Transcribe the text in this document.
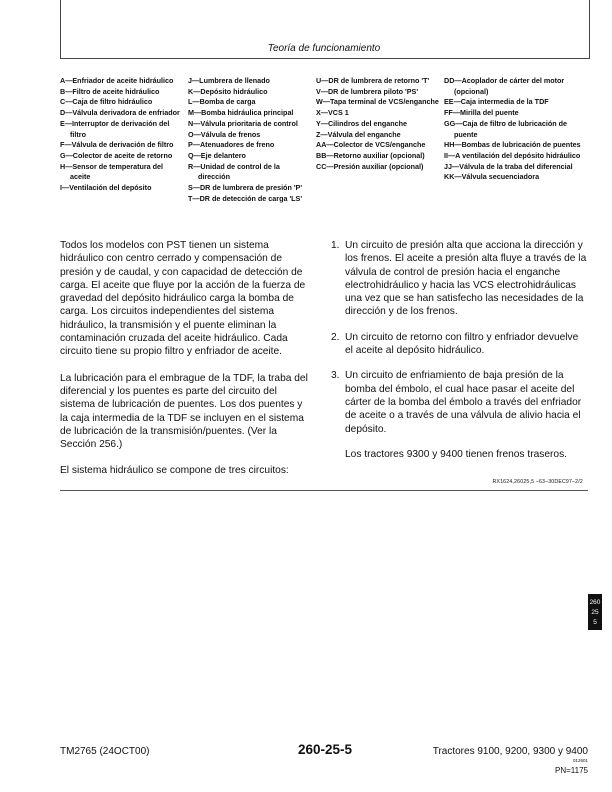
Teoría de funcionamiento
A—Enfriador de aceite hidráulico
B—Filtro de aceite hidráulico
C—Caja de filtro hidráulico
D—Válvula derivadora de enfriador
E—Interruptor de derivación del filtro
F—Válvula de derivación de filtro
G—Colector de aceite de retorno
H—Sensor de temperatura del aceite
I—Ventilación del depósito
J—Lumbrera de llenado
K—Depósito hidráulico
L—Bomba de carga
M—Bomba hidráulica principal
N—Válvula prioritaria de control
O—Válvula de frenos
P—Atenuadores de freno
Q—Eje delantero
R—Unidad de control de la dirección
S—DR de lumbrera de presión 'P'
T—DR de detección de carga 'LS'
U—DR de lumbrera de retorno 'T'
V—DR de lumbrera piloto 'PS'
W—Tapa terminal de VCS/enganche
X—VCS 1
Y—Cilindros del enganche
Z—Válvula del enganche
AA—Colector de VCS/enganche
BB—Retorno auxiliar (opcional)
CC—Presión auxiliar (opcional)
DD—Acoplador de cárter del motor (opcional)
EE—Caja intermedia de la TDF
FF—Mirilla del puente
GG—Caja de filtro de lubricación de puente
HH—Bombas de lubricación de puentes
II—A ventilación del depósito hidráulico
JJ—Válvula de la traba del diferencial
KK—Válvula secuenciadora

Todos los modelos con PST tienen un sistema hidráulico con centro cerrado y compensación de presión y de caudal, y con capacidad de detección de carga. El aceite que fluye por la acción de la fuerza de gravedad del depósito hidráulico carga la bomba de carga. Los circuitos independientes del sistema hidráulico, la transmisión y el puente eliminan la contaminación cruzada del aceite hidráulico. Cada circuito tiene su propio filtro y enfriador de aceite.

La lubricación para el embrague de la TDF, la traba del diferencial y los puentes es parte del circuito del sistema de lubricación de puentes. Los dos puentes y la caja intermedia de la TDF se incluyen en el sistema de lubricación de la transmisión/puentes. (Ver la Sección 256.)

El sistema hidráulico se compone de tres circuitos:

1. Un circuito de presión alta que acciona la dirección y los frenos. El aceite a presión alta fluye a través de la válvula de control de presión hacia el enganche electrohidráulico y hacia las VCS electrohidráulicas una vez que se han satisfecho las necesidades de la dirección y de los frenos.
2. Un circuito de retorno con filtro y enfriador devuelve el aceite al depósito hidráulico.
3. Un circuito de enfriamiento de baja presión de la bomba del émbolo, el cual hace pasar el aceite del cárter de la bomba del émbolo a través del enfriador de aceite o a través de una válvula de alivio hacia el depósito.

Los tractores 9300 y 9400 tienen frenos traseros.

RX1624,26025,5 –63–30DEC97–2/2
260
25
5
TM2765 (24OCT00)	260-25-5	Tractores 9100, 9200, 9300 y 9400
012601
PN=1175
